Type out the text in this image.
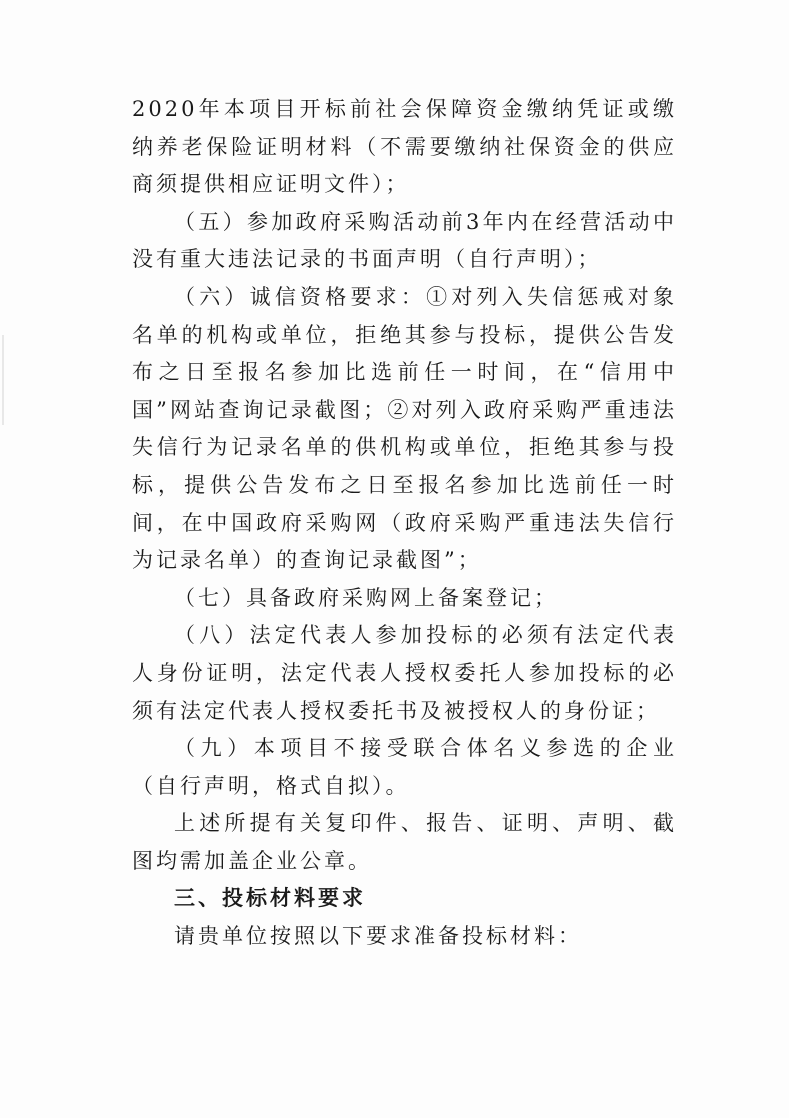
2020年本项目开标前社会保障资金缴纳凭证或缴纳养老保险证明材料（不需要缴纳社保资金的供应商须提供相应证明文件）；

（五）参加政府采购活动前3年内在经营活动中没有重大违法记录的书面声明（自行声明）；

（六）诚信资格要求：①对列入失信惩戒对象名单的机构或单位，拒绝其参与投标，提供公告发布之日至报名参加比选前任一时间，在“信用中国”网站查询记录截图；②对列入政府采购严重违法失信行为记录名单的供机构或单位，拒绝其参与投标，提供公告发布之日至报名参加比选前任一时间，在中国政府采购网（政府采购严重违法失信行为记录名单）的查询记录截图”；

（七）具备政府采购网上备案登记；

（八）法定代表人参加投标的必须有法定代表人身份证明，法定代表人授权委托人参加投标的必须有法定代表人授权委托书及被授权人的身份证；

（九）本项目不接受联合体名义参选的企业（自行声明，格式自拟）。

上述所提有关复印件、报告、证明、声明、截图均需加盖企业公章。

三、投标材料要求

请贵单位按照以下要求准备投标材料：
